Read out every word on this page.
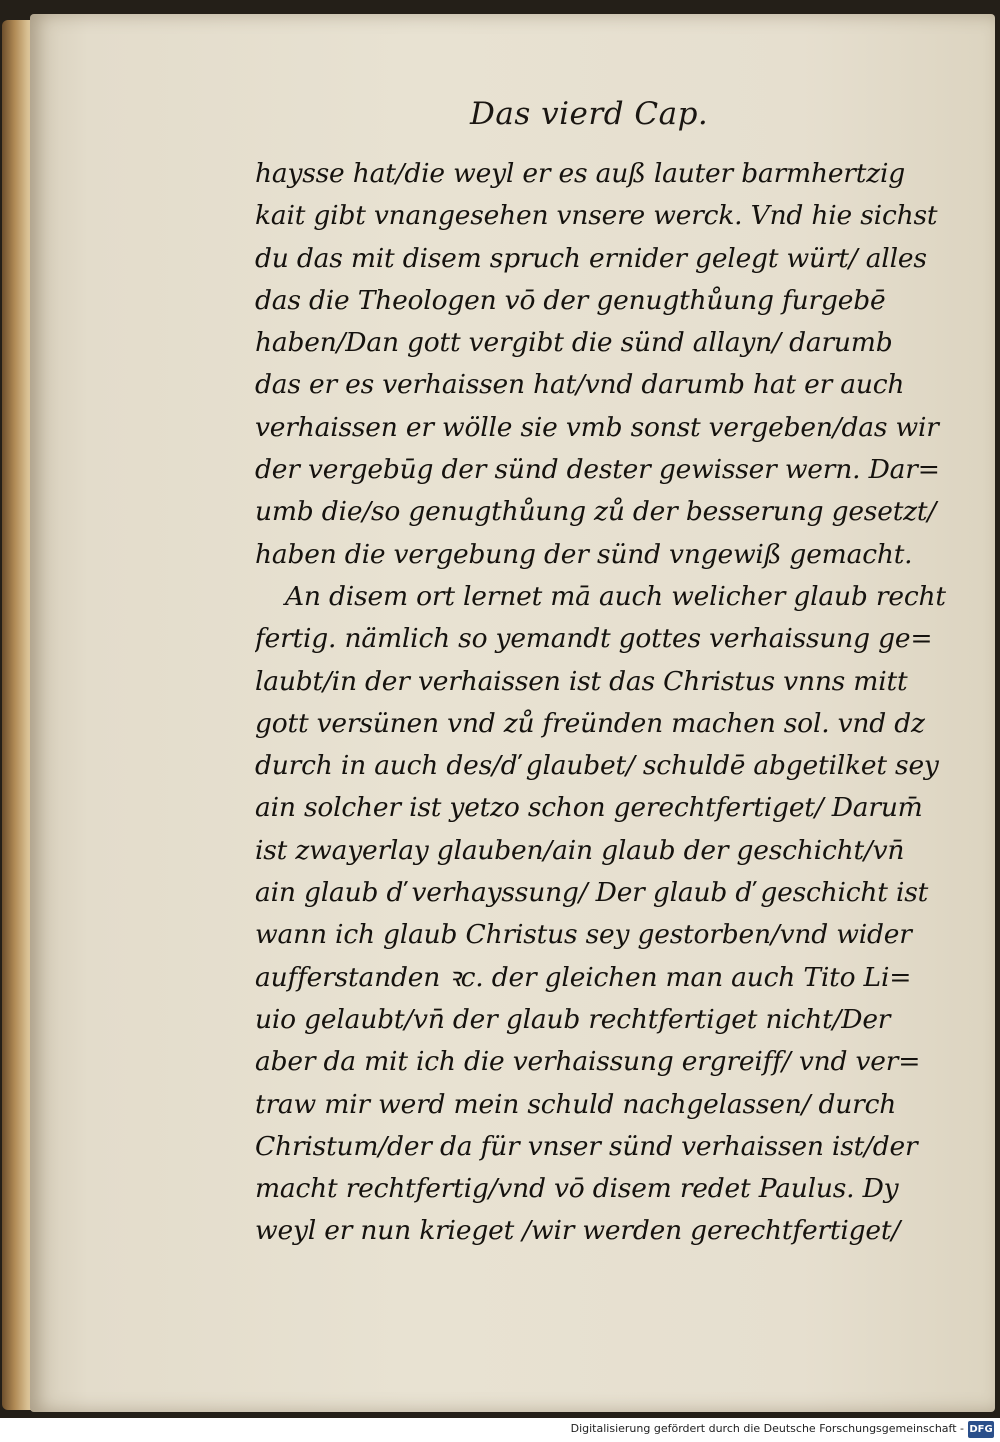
Das vierd Cap.
haysse hat/die weyl er es auß lauter barmhertzig
kait gibt vnangesehen vnsere werck. Vnd hie sichst
du das mit disem spruch ernider gelegt würt/ alles
das die Theologen vō der genugthůung furgebē
haben/Dan gott vergibt die sünd allayn/ darumb
das er es verhaissen hat/vnd darumb hat er auch
verhaissen er wölle sie vmb sonst vergeben/das wir
der vergebūg der sünd dester gewisser wern. Dar=
umb die/so genugthůung zů der besserung gesetzt/
haben die vergebung der sünd vngewiß gemacht.
An disem ort lernet mā auch welicher glaub recht
fertig. nämlich so yemandt gottes verhaissung ge=
laubt/in der verhaissen ist das Christus vnns mitt
gott versünen vnd zů freünden machen sol. vnd dz
durch in auch des/ď glaubet/ schuldē abgetilket sey
ain solcher ist yetzo schon gerechtfertiget/ Darum̄
ist zwayerlay glauben/ain glaub der geschicht/vn̄
ain glaub ď verhayssung/ Der glaub ď geschicht ist
wann ich glaub Christus sey gestorben/vnd wider
aufferstanden ꝛc. der gleichen man auch Tito Li=
uio gelaubt/vn̄ der glaub rechtfertiget nicht/Der
aber da mit ich die verhaissung ergreiff/ vnd ver=
traw mir werd mein schuld nachgelassen/ durch
Christum/der da für vnser sünd verhaissen ist/der
macht rechtfertig/vnd vō disem redet Paulus. Dy
weyl er nun krieget /wir werden gerechtfertiget/
Digitalisierung gefördert durch die Deutsche Forschungsgemeinschaft - DFG
